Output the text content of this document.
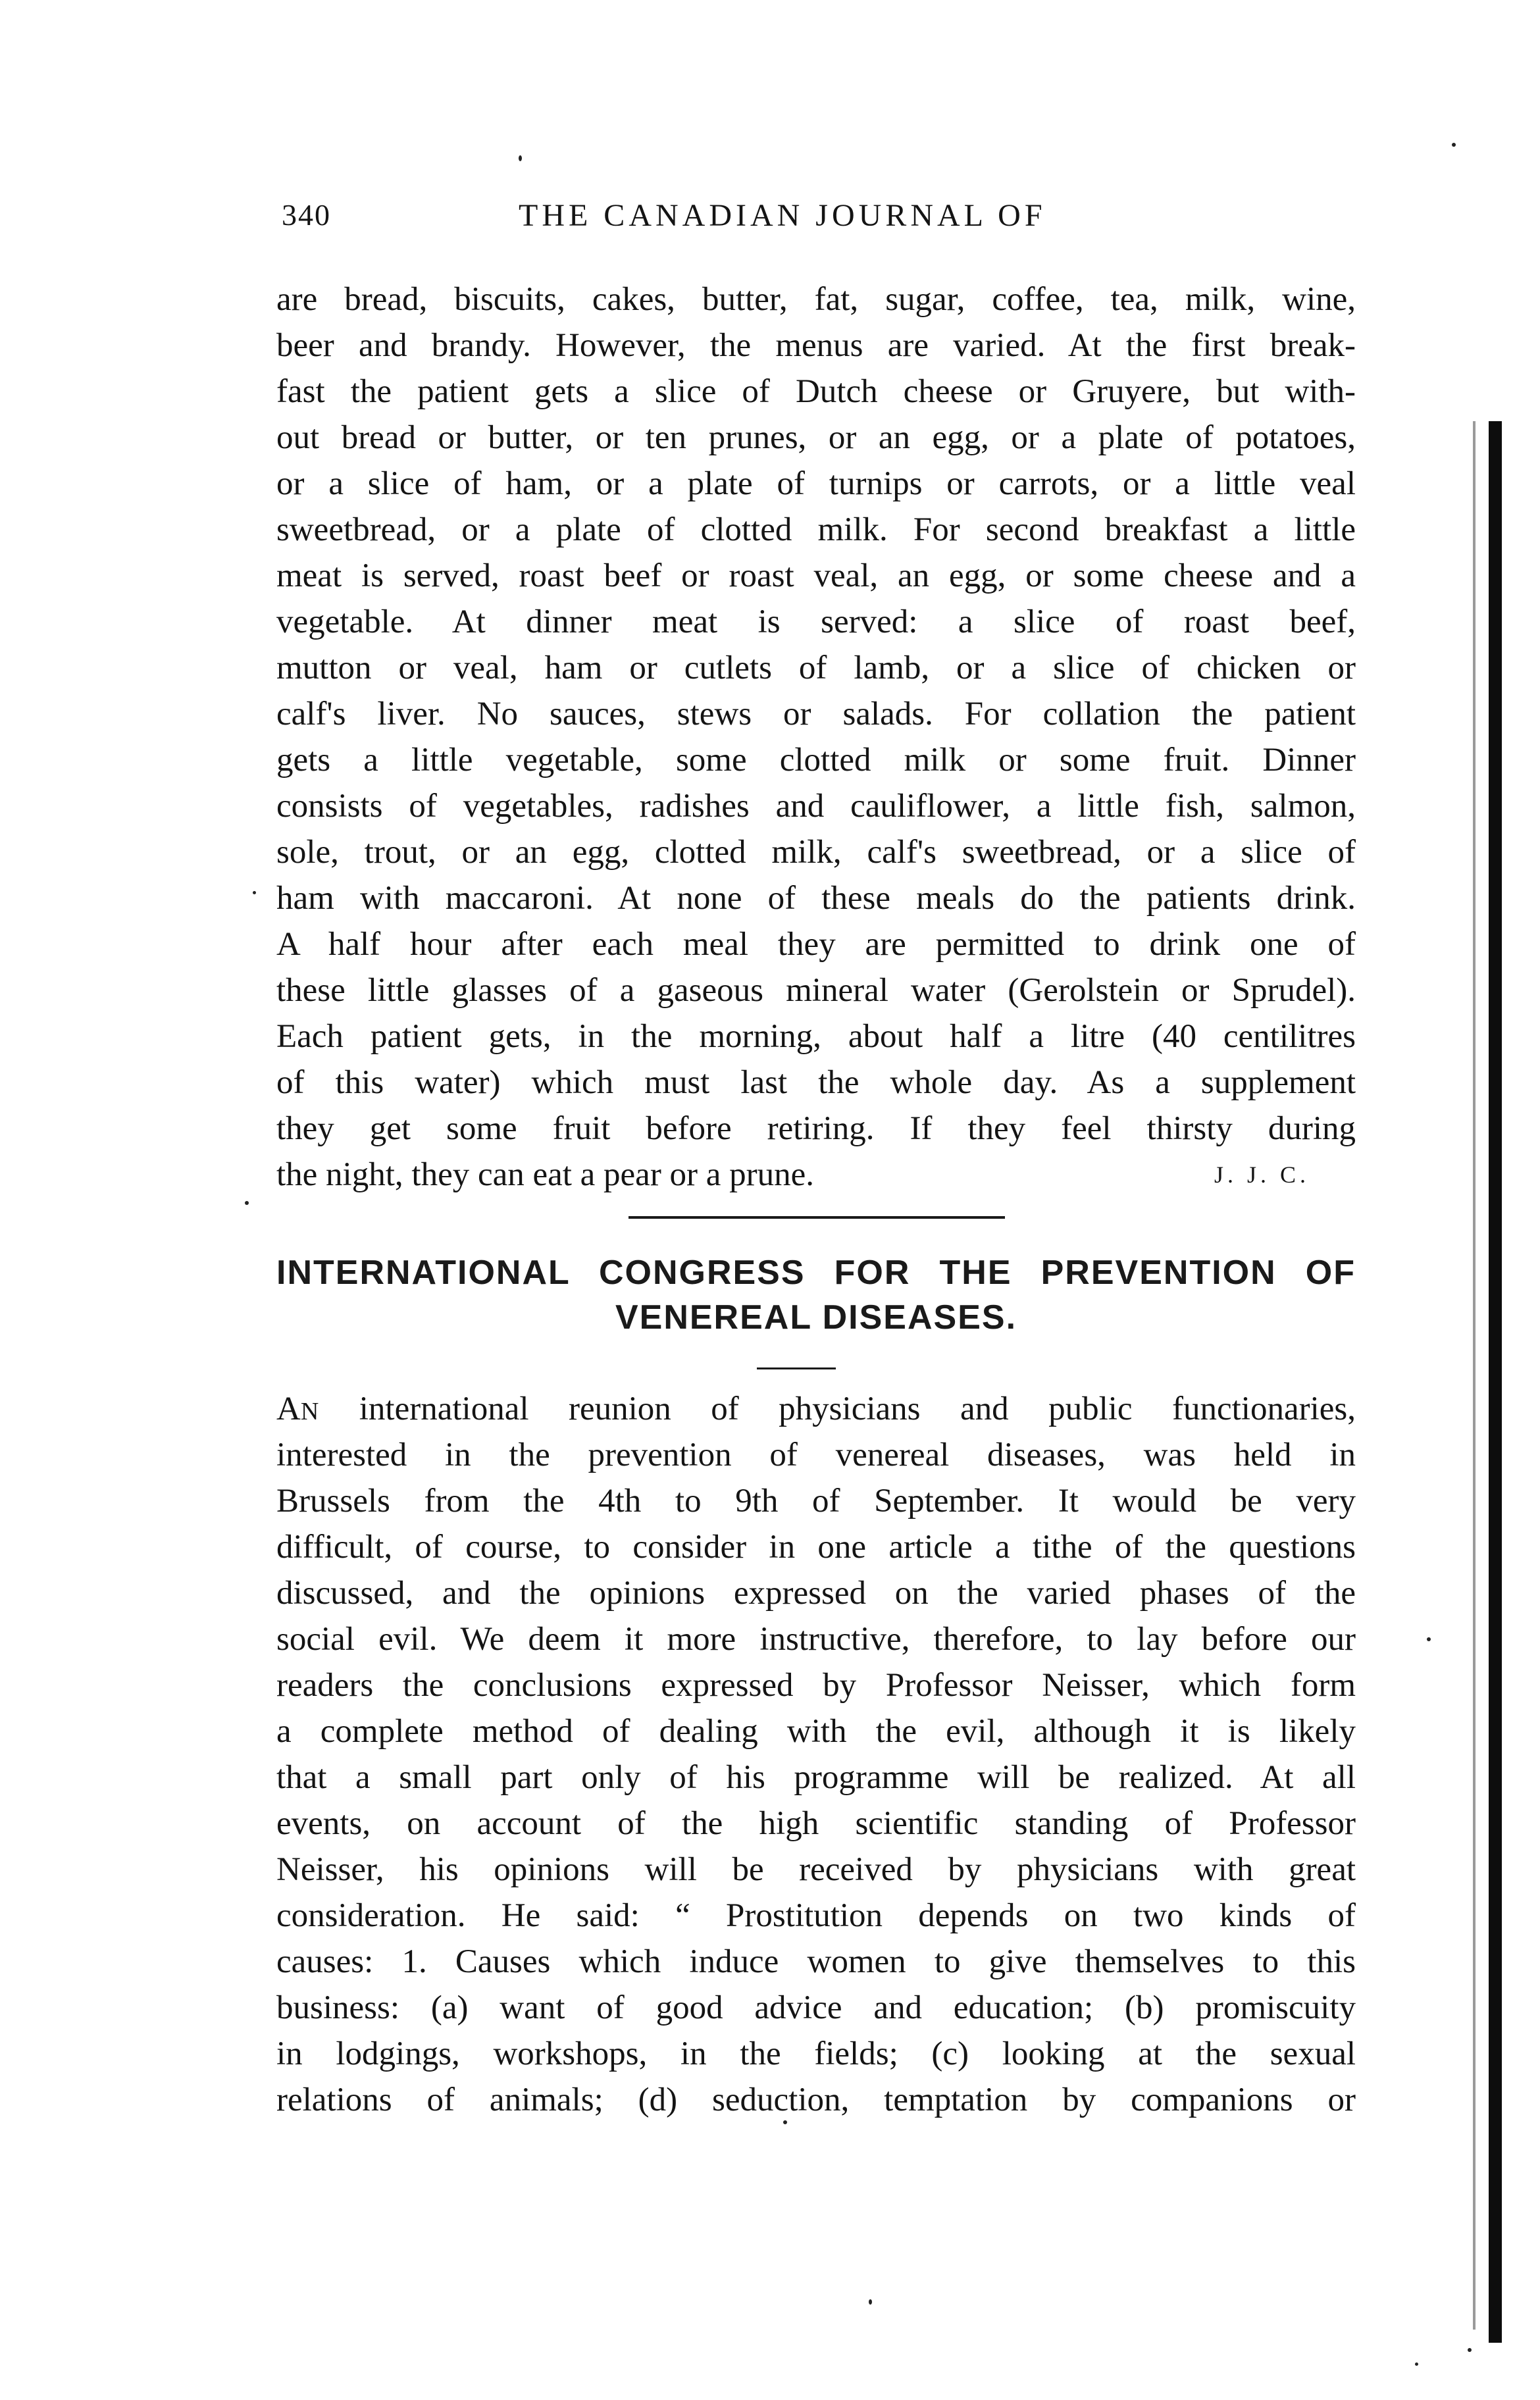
340	THE CANADIAN JOURNAL OF
are bread, biscuits, cakes, butter, fat, sugar, coffee, tea, milk, wine,
beer and brandy. However, the menus are varied. At the first break-
fast the patient gets a slice of Dutch cheese or Gruyere, but with-
out bread or butter, or ten prunes, or an egg, or a plate of potatoes,
or a slice of ham, or a plate of turnips or carrots, or a little veal
sweetbread, or a plate of clotted milk. For second breakfast a little
meat is served, roast beef or roast veal, an egg, or some cheese and a
vegetable. At dinner meat is served: a slice of roast beef,
mutton or veal, ham or cutlets of lamb, or a slice of chicken or
calf's liver. No sauces, stews or salads. For collation the patient
gets a little vegetable, some clotted milk or some fruit. Dinner
consists of vegetables, radishes and cauliflower, a little fish, salmon,
sole, trout, or an egg, clotted milk, calf's sweetbread, or a slice of
ham with maccaroni. At none of these meals do the patients drink.
A half hour after each meal they are permitted to drink one of
these little glasses of a gaseous mineral water (Gerolstein or Sprudel).
Each patient gets, in the morning, about half a litre (40 centilitres
of this water) which must last the whole day. As a supplement
they get some fruit before retiring. If they feel thirsty during
the night, they can eat a pear or a prune.	J. J. C.
INTERNATIONAL CONGRESS FOR THE PREVENTION OF
VENEREAL DISEASES.
AN international reunion of physicians and public functionaries,
interested in the prevention of venereal diseases, was held in
Brussels from the 4th to 9th of September. It would be very
difficult, of course, to consider in one article a tithe of the questions
discussed, and the opinions expressed on the varied phases of the
social evil. We deem it more instructive, therefore, to lay before our
readers the conclusions expressed by Professor Neisser, which form
a complete method of dealing with the evil, although it is likely
that a small part only of his programme will be realized. At all
events, on account of the high scientific standing of Professor
Neisser, his opinions will be received by physicians with great
consideration. He said: “ Prostitution depends on two kinds of
causes: 1. Causes which induce women to give themselves to this
business: (a) want of good advice and education; (b) promiscuity
in lodgings, workshops, in the fields; (c) looking at the sexual
relations of animals; (d) seduction, temptation by companions or
